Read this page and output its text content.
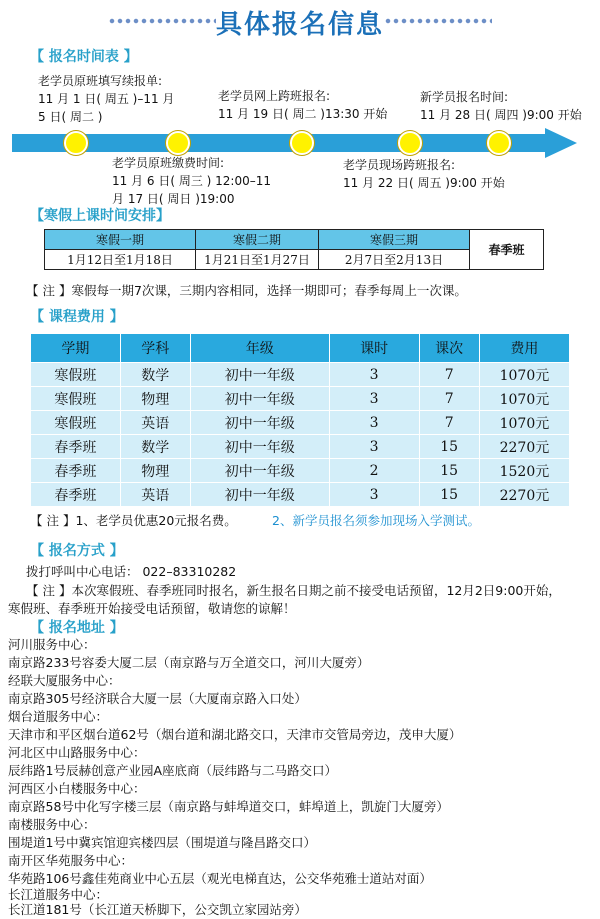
具体报名信息
【 报名时间表 】
老学员原班填写续报单:
11 月 1 日( 周五 )–11 月
5 日( 周二 )
老学员网上跨班报名:
11 月 19 日( 周二 )13:30 开始
新学员报名时间:
11 月 28 日( 周四 )9:00 开始
老学员原班缴费时间:
11 月 6 日( 周三 ) 12:00–11
月 17 日( 周日 )19:00
老学员现场跨班报名:
11 月 22 日( 周五 )9:00 开始
【寒假上课时间安排】
寒假一期	寒假二期	寒假三期	春季班
1月12日至1月18日	1月21日至1月27日	2月7日至2月13日	
【 注 】寒假每一期7次课，三期内容相同，选择一期即可；春季每周上一次课。
【 课程费用 】
学期	学科	年级	课时	课次	费用
寒假班	数学	初中一年级	3	7	1070元
寒假班	物理	初中一年级	3	7	1070元
寒假班	英语	初中一年级	3	7	1070元
春季班	数学	初中一年级	3	15	2270元
春季班	物理	初中一年级	2	15	1520元
春季班	英语	初中一年级	3	15	2270元
【 注 】1、老学员优惠20元报名费。	2、新学员报名须参加现场入学测试。
【 报名方式 】
拨打呼叫中心电话： 022–83310282
【 注 】本次寒假班、春季班同时报名，新生报名日期之前不接受电话预留，12月2日9:00开始，
寒假班、春季班开始接受电话预留，敬请您的谅解！
【 报名地址 】
河川服务中心：
南京路233号容委大厦二层（南京路与万全道交口，河川大厦旁）
经联大厦服务中心：
南京路305号经济联合大厦一层（大厦南京路入口处）
烟台道服务中心：
天津市和平区烟台道62号（烟台道和湖北路交口，天津市交管局旁边，茂申大厦）
河北区中山路服务中心：
辰纬路1号辰赫创意产业园A座底商（辰纬路与二马路交口）
河西区小白楼服务中心：
南京路58号中化写字楼三层（南京路与蚌埠道交口，蚌埠道上，凯旋门大厦旁）
南楼服务中心：
围堤道1号中冀宾馆迎宾楼四层（围堤道与隆昌路交口）
南开区华苑服务中心：
华苑路106号鑫佳苑商业中心五层（观光电梯直达，公交华苑雅士道站对面）
长江道服务中心：
长江道181号（长江道天桥脚下，公交凯立家园站旁）
